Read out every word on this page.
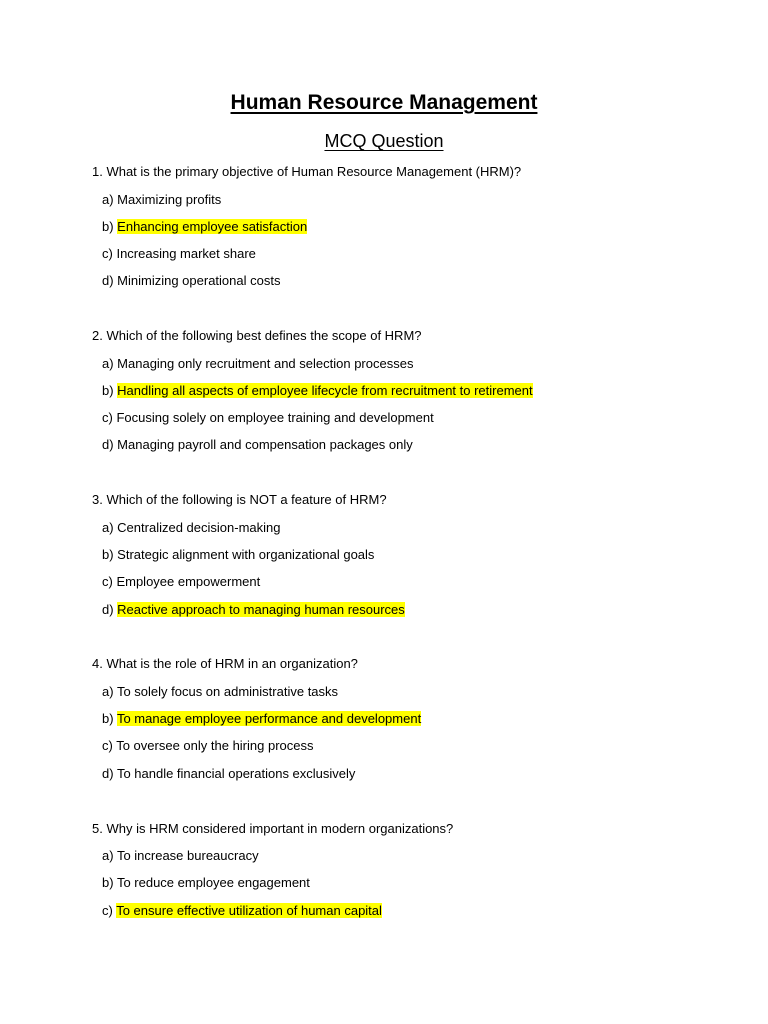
Human Resource Management
MCQ Question
1. What is the primary objective of Human Resource Management (HRM)?
a) Maximizing profits
b) Enhancing employee satisfaction
c) Increasing market share
d) Minimizing operational costs
2. Which of the following best defines the scope of HRM?
a) Managing only recruitment and selection processes
b) Handling all aspects of employee lifecycle from recruitment to retirement
c) Focusing solely on employee training and development
d) Managing payroll and compensation packages only
3. Which of the following is NOT a feature of HRM?
a) Centralized decision-making
b) Strategic alignment with organizational goals
c) Employee empowerment
d) Reactive approach to managing human resources
4. What is the role of HRM in an organization?
a) To solely focus on administrative tasks
b) To manage employee performance and development
c) To oversee only the hiring process
d) To handle financial operations exclusively
5. Why is HRM considered important in modern organizations?
a) To increase bureaucracy
b) To reduce employee engagement
c) To ensure effective utilization of human capital
